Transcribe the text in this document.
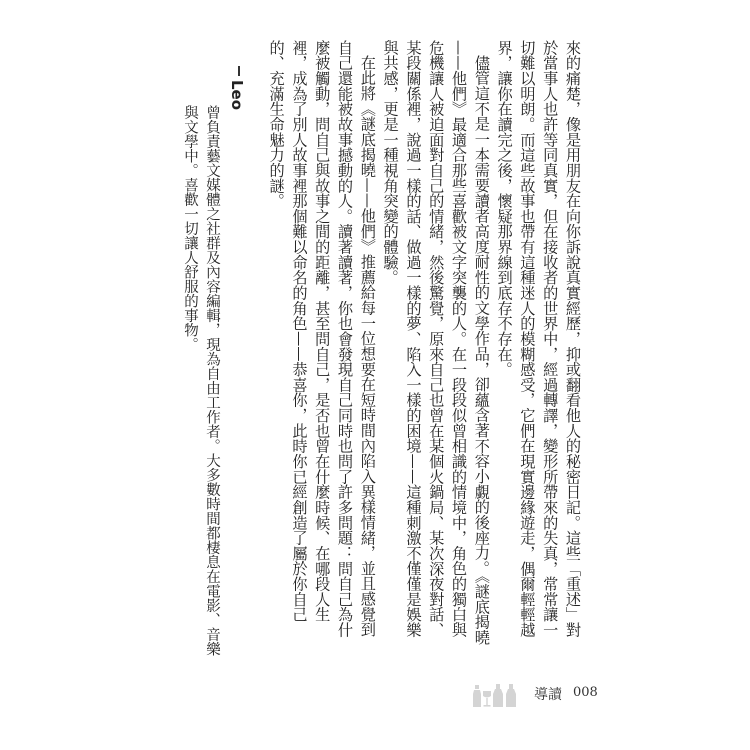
來的痛楚，像是用朋友在向你訴說真實經歷，抑或翻看他人的秘密日記。這些「重述」對於當事人也許等同真實，但在接收者的世界中，經過轉譯，變形所帶來的失真，常常讓一切難以明朗。而這些故事也帶有這種迷人的模糊感受，它們在現實邊緣遊走，偶爾輕輕越界，讓你在讀完之後，懷疑那界線到底存不存在。

儘管這不是一本需要讀者高度耐性的文學作品，卻蘊含著不容小覷的後座力。《謎底揭曉——他們》最適合那些喜歡被文字突襲的人。在一段段似曾相識的情境中，角色的獨白與危機讓人被迫面對自己的情緒，然後驚覺，原來自己也曾在某個火鍋局、某次深夜對話、某段關係裡，說過一樣的話、做過一樣的夢、陷入一樣的困境——這種刺激不僅僅是娛樂與共感，更是一種視角突變的體驗。

在此將《謎底揭曉——他們》推薦給每一位想要在短時間內陷入異樣情緒，並且感覺到自己還能被故事撼動的人。讀著讀著，你也會發現自己同時也問了許多問題：問自己為什麼被觸動，問自己與故事之間的距離，甚至問自己，是否也曾在什麼時候、在哪段人生裡，成為了別人故事裡那個難以命名的角色——恭喜你，此時你已經創造了屬於你自己的、充滿生命魅力的謎。

Leo
曾負責藝文媒體之社群及內容編輯，現為自由工作者。大多數時間都棲息在電影、音樂與文學中。喜歡一切讓人舒服的事物。
導讀 008
